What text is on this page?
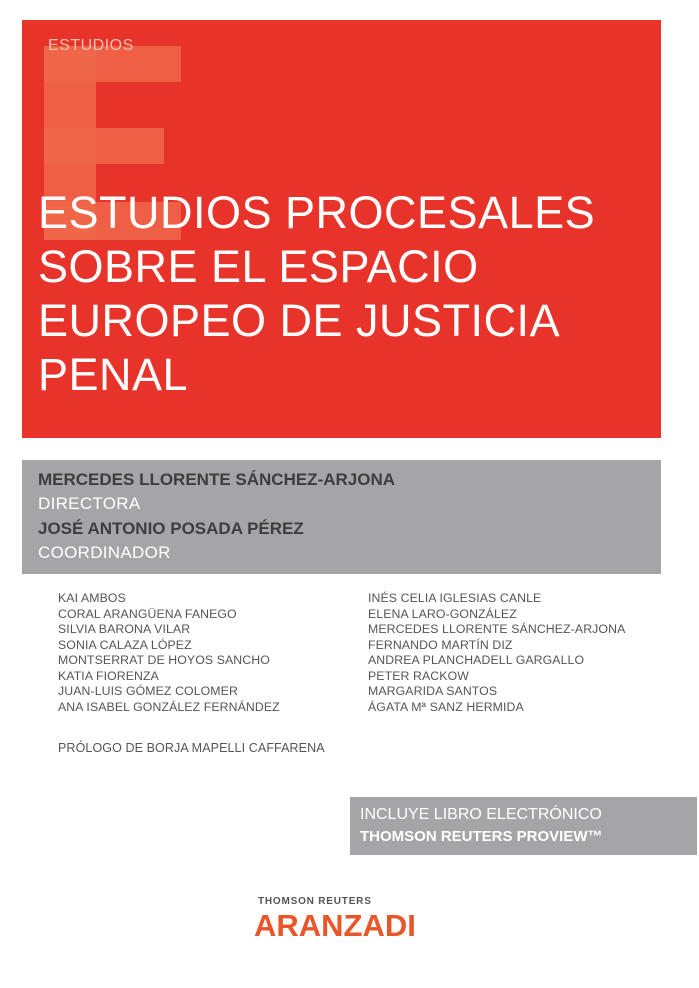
ESTUDIOS
ESTUDIOS PROCESALES
SOBRE EL ESPACIO
EUROPEO DE JUSTICIA
PENAL
MERCEDES LLORENTE SÁNCHEZ-ARJONA
DIRECTORA
JOSÉ ANTONIO POSADA PÉREZ
COORDINADOR
KAI AMBOS
CORAL ARANGÜENA FANEGO
SILVIA BARONA VILAR
SONIA CALAZA LÓPEZ
MONTSERRAT DE HOYOS SANCHO
KATIA FIORENZA
JUAN-LUIS GÓMEZ COLOMER
ANA ISABEL GONZÁLEZ FERNÁNDEZ
INÉS CELIA IGLESIAS CANLE
ELENA LARO-GONZÁLEZ
MERCEDES LLORENTE SÁNCHEZ-ARJONA
FERNANDO MARTÍN DIZ
ANDREA PLANCHADELL GARGALLO
PETER RACKOW
MARGARIDA SANTOS
ÁGATA Mª SANZ HERMIDA
PRÓLOGO DE BORJA MAPELLI CAFFARENA
INCLUYE LIBRO ELECTRÓNICO
THOMSON REUTERS PROVIEW™
THOMSON REUTERS
ARANZADI
